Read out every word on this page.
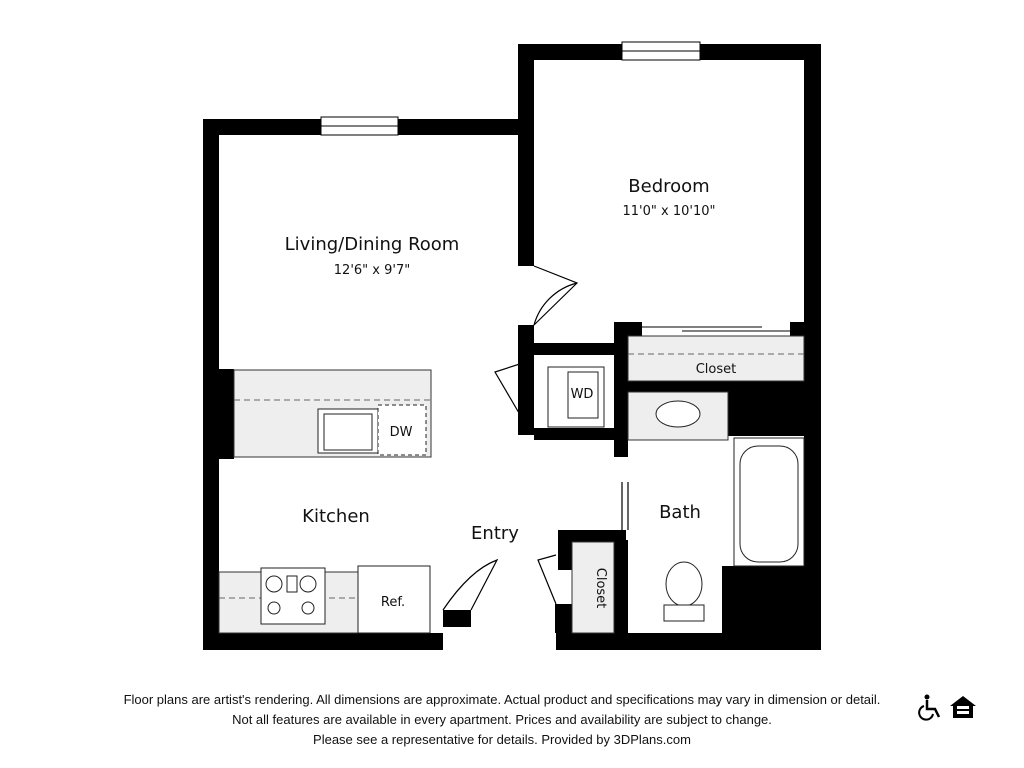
Living/Dining Room
12'6" x 9'7"
Bedroom
11'0" x 10'10"
Kitchen
Entry
Bath
Closet
Closet
DW
WD
Ref.
Floor plans are artist's rendering. All dimensions are approximate. Actual product and specifications may vary in dimension or detail.
Not all features are available in every apartment. Prices and availability are subject to change.
Please see a representative for details. Provided by 3DPlans.com
